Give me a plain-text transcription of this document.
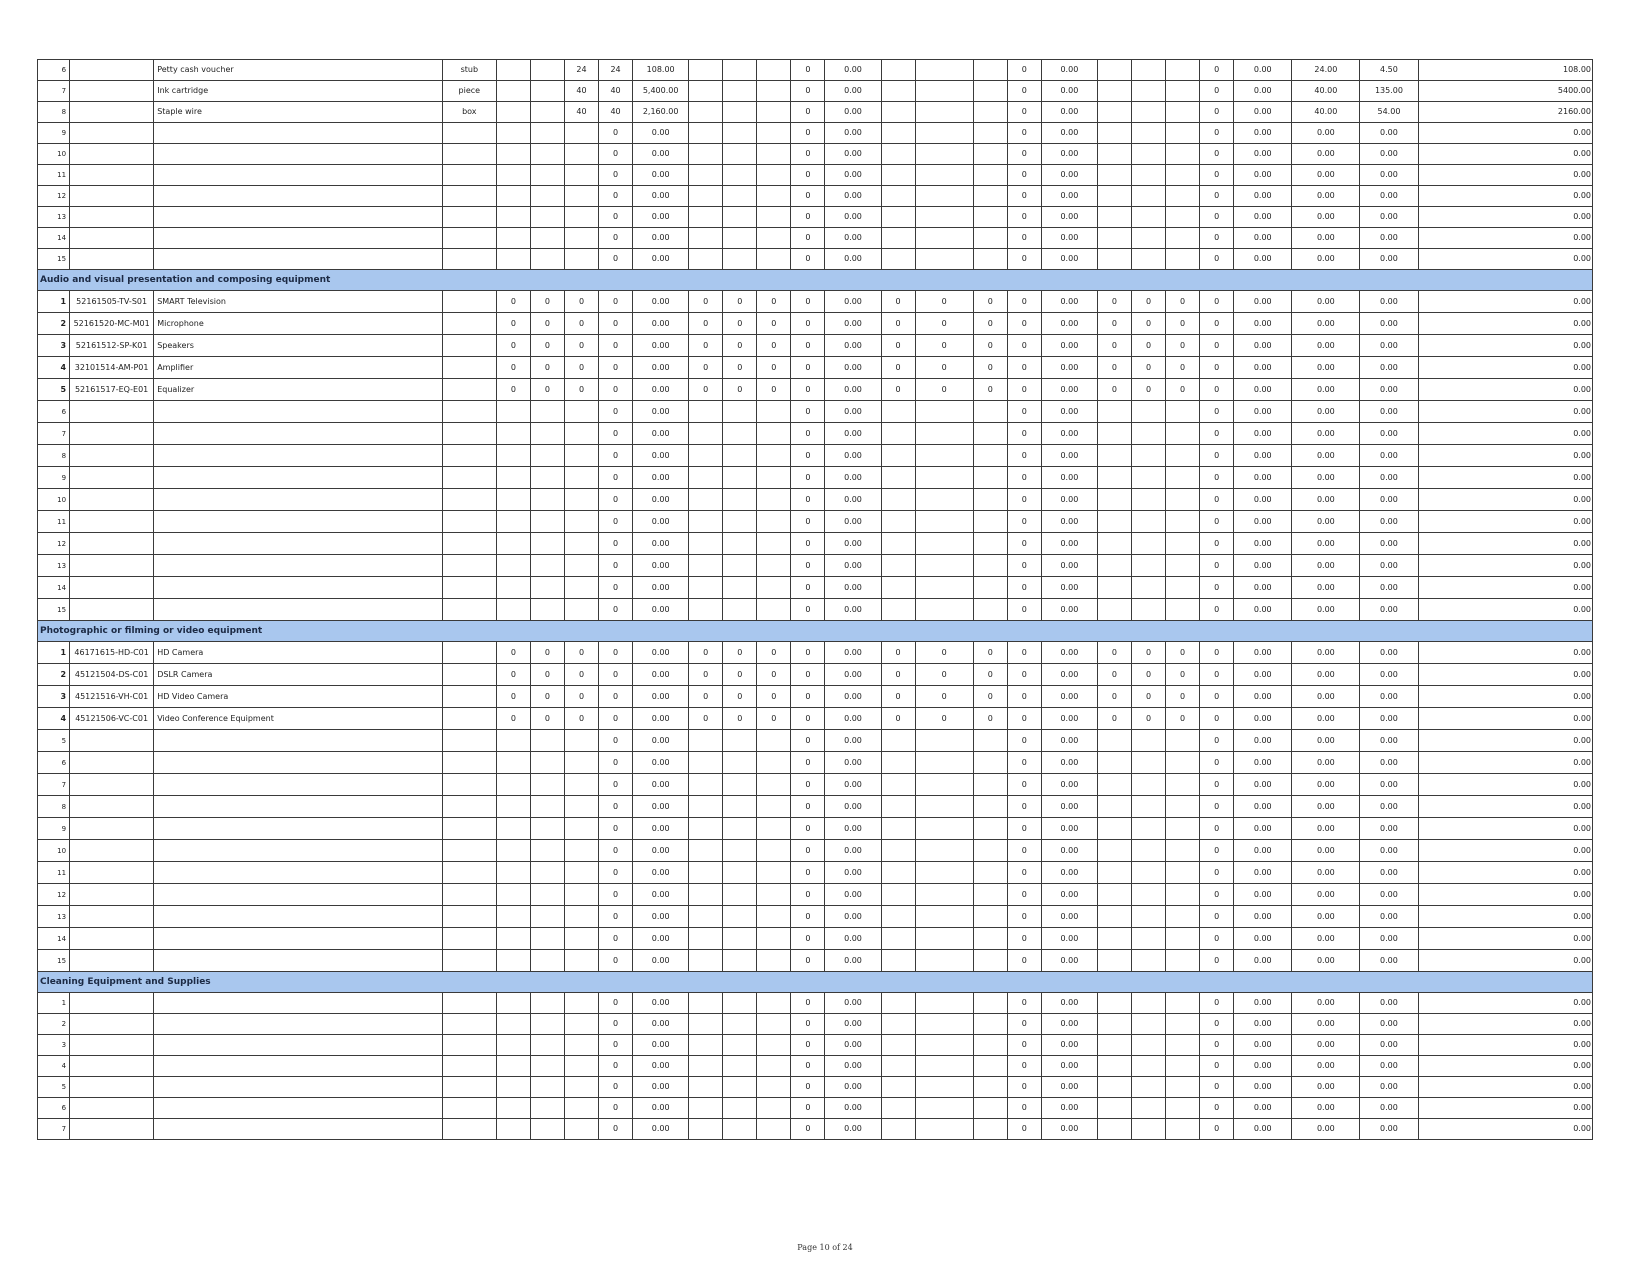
6		Petty cash voucher	stub			24	24	108.00				0	0.00				0	0.00				0	0.00	24.00	4.50	108.00
7		Ink cartridge	piece			40	40	5,400.00				0	0.00				0	0.00				0	0.00	40.00	135.00	5400.00
8		Staple wire	box			40	40	2,160.00				0	0.00				0	0.00				0	0.00	40.00	54.00	2160.00
9							0	0.00				0	0.00				0	0.00				0	0.00	0.00	0.00	0.00
10							0	0.00				0	0.00				0	0.00				0	0.00	0.00	0.00	0.00
11							0	0.00				0	0.00				0	0.00				0	0.00	0.00	0.00	0.00
12							0	0.00				0	0.00				0	0.00				0	0.00	0.00	0.00	0.00
13							0	0.00				0	0.00				0	0.00				0	0.00	0.00	0.00	0.00
14							0	0.00				0	0.00				0	0.00				0	0.00	0.00	0.00	0.00
15							0	0.00				0	0.00				0	0.00				0	0.00	0.00	0.00	0.00
Audio and visual presentation and composing equipment																										
1	52161505-TV-S01	SMART Television		0	0	0	0	0.00	0	0	0	0	0.00	0	0	0	0	0.00	0	0	0	0	0.00	0.00	0.00	0.00
2	52161520-MC-M01	Microphone		0	0	0	0	0.00	0	0	0	0	0.00	0	0	0	0	0.00	0	0	0	0	0.00	0.00	0.00	0.00
3	52161512-SP-K01	Speakers		0	0	0	0	0.00	0	0	0	0	0.00	0	0	0	0	0.00	0	0	0	0	0.00	0.00	0.00	0.00
4	32101514-AM-P01	Amplifier		0	0	0	0	0.00	0	0	0	0	0.00	0	0	0	0	0.00	0	0	0	0	0.00	0.00	0.00	0.00
5	52161517-EQ-E01	Equalizer		0	0	0	0	0.00	0	0	0	0	0.00	0	0	0	0	0.00	0	0	0	0	0.00	0.00	0.00	0.00
6							0	0.00				0	0.00				0	0.00				0	0.00	0.00	0.00	0.00
7							0	0.00				0	0.00				0	0.00				0	0.00	0.00	0.00	0.00
8							0	0.00				0	0.00				0	0.00				0	0.00	0.00	0.00	0.00
9							0	0.00				0	0.00				0	0.00				0	0.00	0.00	0.00	0.00
10							0	0.00				0	0.00				0	0.00				0	0.00	0.00	0.00	0.00
11							0	0.00				0	0.00				0	0.00				0	0.00	0.00	0.00	0.00
12							0	0.00				0	0.00				0	0.00				0	0.00	0.00	0.00	0.00
13							0	0.00				0	0.00				0	0.00				0	0.00	0.00	0.00	0.00
14							0	0.00				0	0.00				0	0.00				0	0.00	0.00	0.00	0.00
15							0	0.00				0	0.00				0	0.00				0	0.00	0.00	0.00	0.00
Photographic or filming or video equipment																										
1	46171615-HD-C01	HD Camera		0	0	0	0	0.00	0	0	0	0	0.00	0	0	0	0	0.00	0	0	0	0	0.00	0.00	0.00	0.00
2	45121504-DS-C01	DSLR Camera		0	0	0	0	0.00	0	0	0	0	0.00	0	0	0	0	0.00	0	0	0	0	0.00	0.00	0.00	0.00
3	45121516-VH-C01	HD Video Camera		0	0	0	0	0.00	0	0	0	0	0.00	0	0	0	0	0.00	0	0	0	0	0.00	0.00	0.00	0.00
4	45121506-VC-C01	Video Conference Equipment		0	0	0	0	0.00	0	0	0	0	0.00	0	0	0	0	0.00	0	0	0	0	0.00	0.00	0.00	0.00
5							0	0.00				0	0.00				0	0.00				0	0.00	0.00	0.00	0.00
6							0	0.00				0	0.00				0	0.00				0	0.00	0.00	0.00	0.00
7							0	0.00				0	0.00				0	0.00				0	0.00	0.00	0.00	0.00
8							0	0.00				0	0.00				0	0.00				0	0.00	0.00	0.00	0.00
9							0	0.00				0	0.00				0	0.00				0	0.00	0.00	0.00	0.00
10							0	0.00				0	0.00				0	0.00				0	0.00	0.00	0.00	0.00
11							0	0.00				0	0.00				0	0.00				0	0.00	0.00	0.00	0.00
12							0	0.00				0	0.00				0	0.00				0	0.00	0.00	0.00	0.00
13							0	0.00				0	0.00				0	0.00				0	0.00	0.00	0.00	0.00
14							0	0.00				0	0.00				0	0.00				0	0.00	0.00	0.00	0.00
15							0	0.00				0	0.00				0	0.00				0	0.00	0.00	0.00	0.00
Cleaning Equipment and Supplies																										
1							0	0.00				0	0.00				0	0.00				0	0.00	0.00	0.00	0.00
2							0	0.00				0	0.00				0	0.00				0	0.00	0.00	0.00	0.00
3							0	0.00				0	0.00				0	0.00				0	0.00	0.00	0.00	0.00
4							0	0.00				0	0.00				0	0.00				0	0.00	0.00	0.00	0.00
5							0	0.00				0	0.00				0	0.00				0	0.00	0.00	0.00	0.00
6							0	0.00				0	0.00				0	0.00				0	0.00	0.00	0.00	0.00
7							0	0.00				0	0.00				0	0.00				0	0.00	0.00	0.00	0.00
Page 10 of 24
